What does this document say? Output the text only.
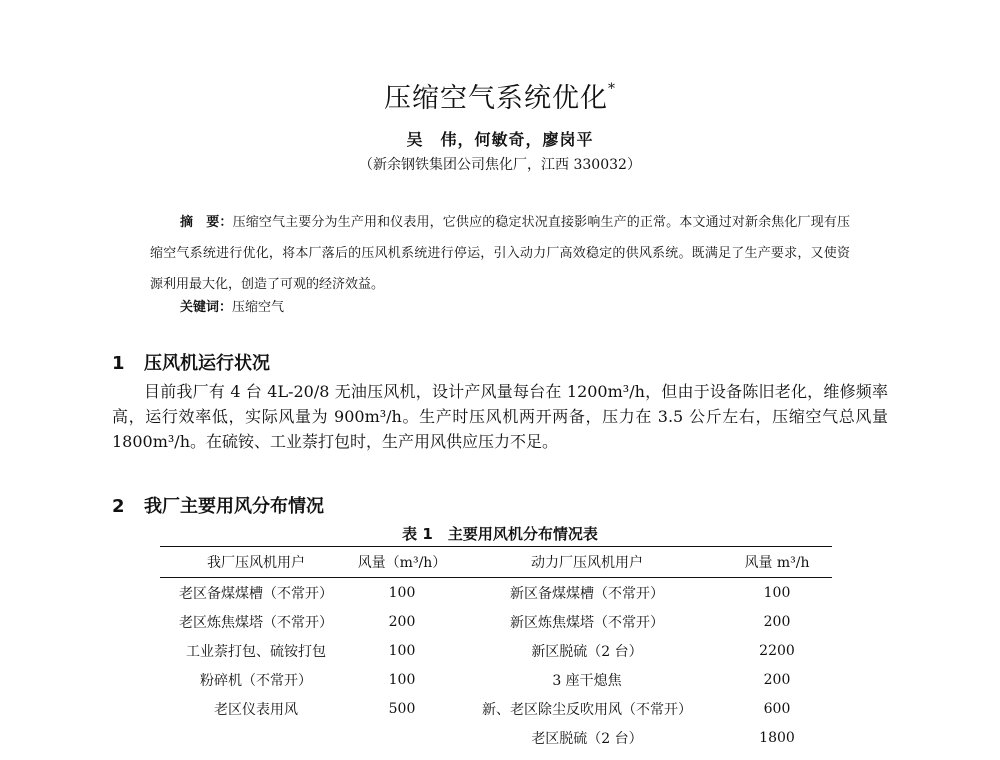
压缩空气系统优化*
吴　伟，何敏奇，廖岗平
（新余钢铁集团公司焦化厂，江西 330032）
摘　要：压缩空气主要分为生产用和仪表用，它供应的稳定状况直接影响生产的正常。本文通过对新余焦化厂现有压缩空气系统进行优化，将本厂落后的压风机系统进行停运，引入动力厂高效稳定的供风系统。既满足了生产要求，又使资源利用最大化，创造了可观的经济效益。
关键词：压缩空气
1 压风机运行状况
目前我厂有 4 台 4L-20/8 无油压风机，设计产风量每台在 1200m³/h，但由于设备陈旧老化，维修频率高，运行效率低，实际风量为 900m³/h。生产时压风机两开两备，压力在 3.5 公斤左右，压缩空气总风量 1800m³/h。在硫铵、工业萘打包时，生产用风供应压力不足。
2 我厂主要用风分布情况
表 1　主要用风机分布情况表
我厂压风机用户	风量（m³/h）	动力厂压风机用户	风量 m³/h
老区备煤煤槽（不常开）	100	新区备煤煤槽（不常开）	100
老区炼焦煤塔（不常开）	200	新区炼焦煤塔（不常开）	200
工业萘打包、硫铵打包	100	新区脱硫（2 台）	2200
粉碎机（不常开）	100	3 座干熄焦	200
老区仪表用风	500	新、老区除尘反吹用风（不常开）	600
		老区脱硫（2 台）	1800
